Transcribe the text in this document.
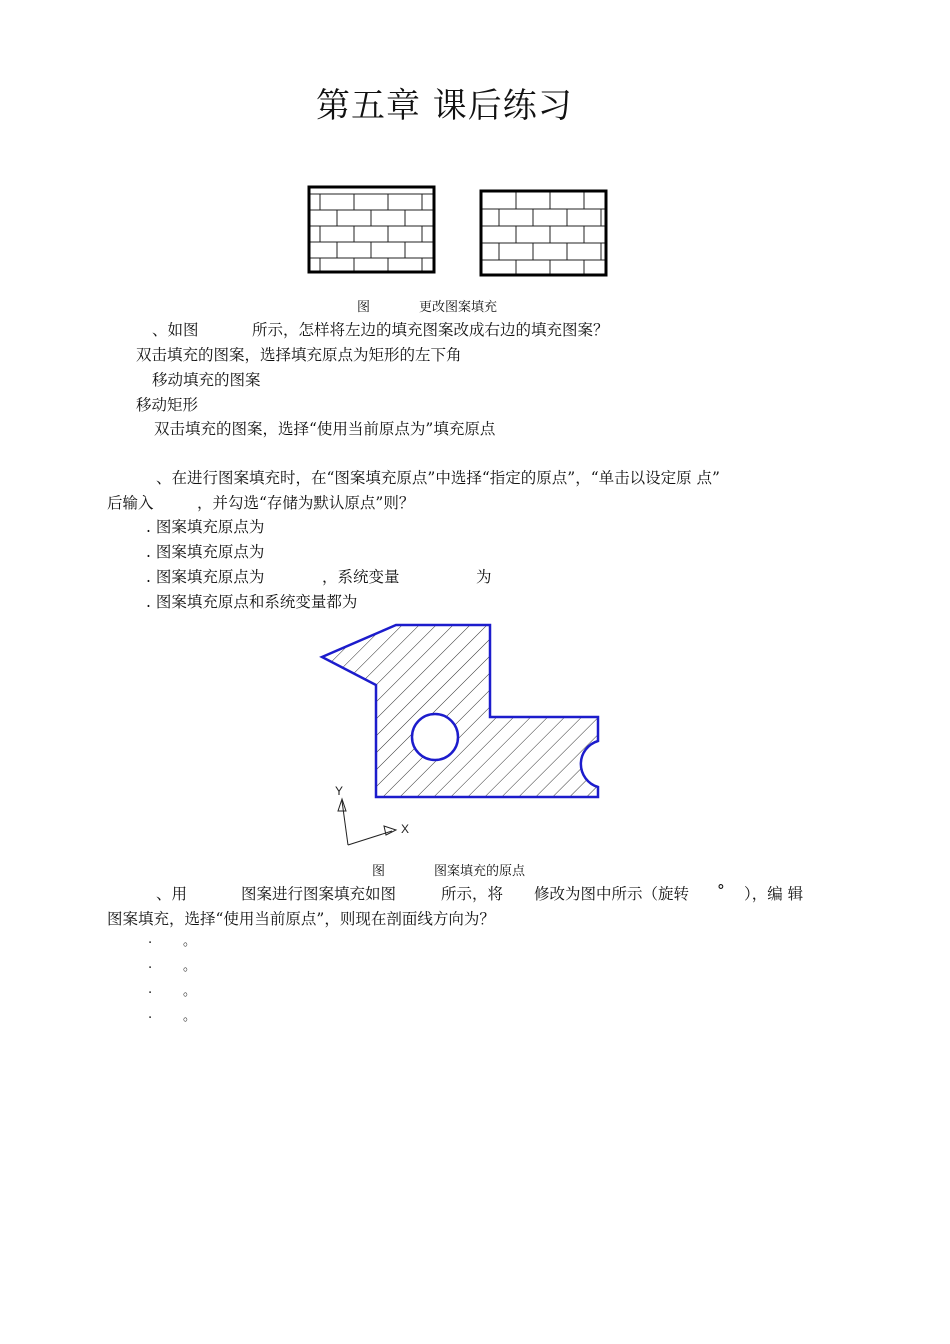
第五章 课后练习
图	更改图案填充
、如图	所示，怎样将左边的填充图案改成右边的填充图案？
双击填充的图案，选择填充原点为矩形的左下角
移动填充的图案
移动矩形
双击填充的图案，选择“使用当前原点为”填充原点
、在进行图案填充时，在“图案填充原点”中选择“指定的原点”，“单击以设定原 点”
后输入	，并勾选“存储为默认原点”则？
. 图案填充原点为
. 图案填充原点为
. 图案填充原点为	，系统变量	为
. 图案填充原点和系统变量都为
Y
X
图	图案填充的原点
、用	图案进行图案填充如图	所示，将 修改为图中所示（旋转 ° ），编 辑
图案填充，选择“使用当前原点”，则现在剖面线方向为？
. 。
. 。
. 。
. 。
